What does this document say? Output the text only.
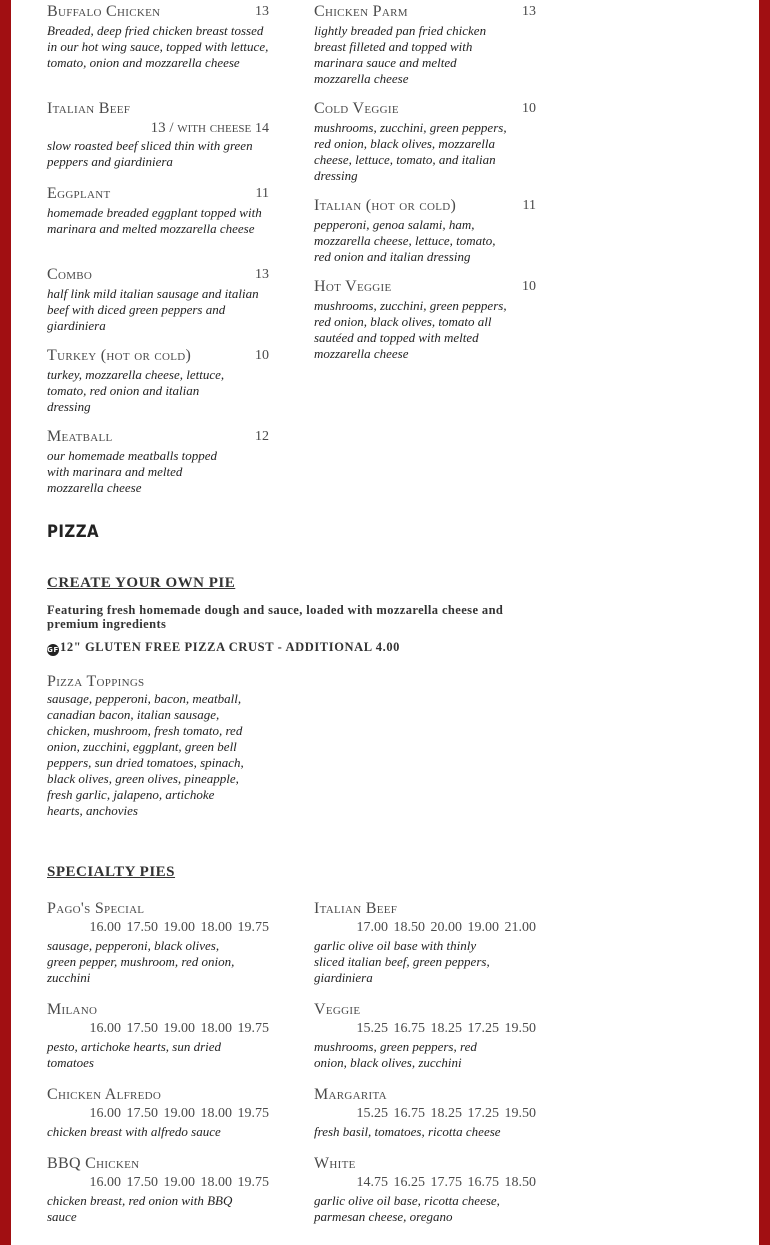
Buffalo Chicken	13
Breaded, deep fried chicken breast tossed in our hot wing sauce, topped with lettuce, tomato, onion and mozzarella cheese
Italian Beef
13 / with cheese 14
slow roasted beef sliced thin with green peppers and giardiniera
Eggplant	11
homemade breaded eggplant topped with marinara and melted mozzarella cheese
Combo	13
half link mild italian sausage and italian beef with diced green peppers and giardiniera
Turkey (hot or cold)	10
turkey, mozzarella cheese, lettuce, tomato, red onion and italian dressing
Meatball	12
our homemade meatballs topped with marinara and melted mozzarella cheese
Chicken Parm	13
lightly breaded pan fried chicken breast filleted and topped with marinara sauce and melted mozzarella cheese
Cold Veggie	10
mushrooms, zucchini, green peppers, red onion, black olives, mozzarella cheese, lettuce, tomato, and italian dressing
Italian (hot or cold)	11
pepperoni, genoa salami, ham, mozzarella cheese, lettuce, tomato, red onion and italian dressing
Hot Veggie	10
mushrooms, zucchini, green peppers, red onion, black olives, tomato all sautéed and topped with melted mozzarella cheese
PIZZA
CREATE YOUR OWN PIE
Featuring fresh homemade dough and sauce, loaded with mozzarella cheese and premium ingredients
GF12" GLUTEN FREE PIZZA CRUST - ADDITIONAL 4.00
Pizza Toppings
sausage, pepperoni, bacon, meatball, canadian bacon, italian sausage, chicken, mushroom, fresh tomato, red onion, zucchini, eggplant, green bell peppers, sun dried tomatoes, spinach, black olives, green olives, pineapple, fresh garlic, jalapeno, artichoke hearts, anchovies
SPECIALTY PIES
Pago's Special
16.00 17.50 19.00 18.00 19.75
sausage, pepperoni, black olives, green pepper, mushroom, red onion, zucchini
Milano
16.00 17.50 19.00 18.00 19.75
pesto, artichoke hearts, sun dried tomatoes
Chicken Alfredo
16.00 17.50 19.00 18.00 19.75
chicken breast with alfredo sauce
BBQ Chicken
16.00 17.50 19.00 18.00 19.75
chicken breast, red onion with BBQ sauce
Italian Beef
17.00 18.50 20.00 19.00 21.00
garlic olive oil base with thinly sliced italian beef, green peppers, giardiniera
Veggie
15.25 16.75 18.25 17.25 19.50
mushrooms, green peppers, red onion, black olives, zucchini
Margarita
15.25 16.75 18.25 17.25 19.50
fresh basil, tomatoes, ricotta cheese
White
14.75 16.25 17.75 16.75 18.50
garlic olive oil base, ricotta cheese, parmesan cheese, oregano
